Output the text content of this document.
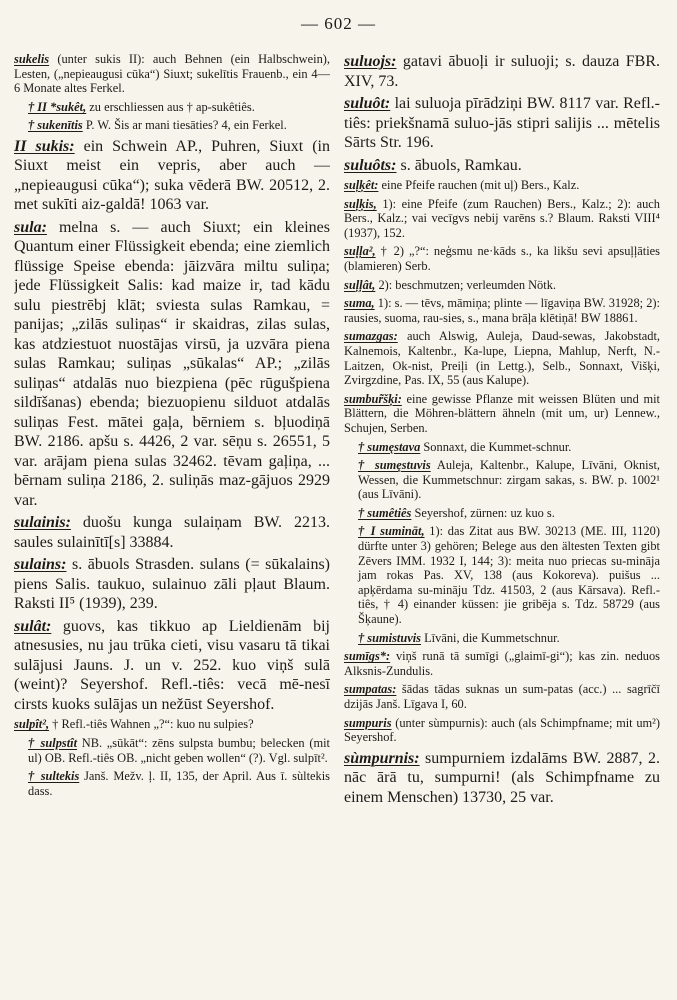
— 602 —

sukelis (unter sukis II): auch Behnen (ein Halbschwein), Lesten, („nepieaugusi cūka“) Siuxt; sukelītis Frauenb., ein 4—6 Monate altes Ferkel.

† II *sukêt, zu erschliessen aus † ap-sukêtiês.

† sukenītis P. W. Šis ar mani tiesāties? 4, ein Ferkel.

II sukis: ein Schwein AP., Puhren, Siuxt (in Siuxt meist ein vepris, aber auch — „nepieaugusi cūka“); suka vēderā BW. 20512, 2. met sukīti aiz-galdā! 1063 var.

sula: melna s. — auch Siuxt; ein kleines Quantum einer Flüssigkeit ebenda; eine ziemlich flüssige Speise ebenda: jāizvāra miltu suliņa; jede Flüssigkeit Salis: kad maize ir, tad kādu sulu piestrēbj klāt; sviesta sulas Ramkau, = panijas; „zilās suliņas“ ir skaidras, zilas sulas, kas atdziestuot nuostājas virsū, ja uzvāra piena sulas Ramkau; suliņas „sūkalas“ AP.; „zilās suliņas“ atdalās nuo biezpiena (pēc rūgušpiena sildīšanas) ebenda; biezuopienu silduot atdalās suliņas Fest. mātei gaļa, bērniem s. bļuodiņā BW. 2186. apšu s. 4426, 2 var. sēņu s. 26551, 5 var. arājam piena sulas 32462. tēvam gaļiņa, ... bērnam suliņa 2186, 2. suliņās maz-gājuos 2929 var.

sulainis: duošu kunga sulaiņam BW. 2213. saules sulainītī[s] 33884.

sulains: s. ābuols Strasden. sulans (= sūkalains) piens Salis. taukuo, sulainuo zāli pļaut Blaum. Raksti II⁵ (1939), 239.

sulât: guovs, kas tikkuo ap Lieldienām bij atnesusies, nu jau trūka cieti, visu vasaru tā tikai sulājusi Jauns. J. un v. 252. kuo viņš sulā (weint)? Seyershof. Refl.-tiês: vecā mē-nesī cirsts kuoks sulājas un nežūst Seyershof.

sulpît², † Refl.-tiês Wahnen „?“: kuo nu sulpies?

† sulpstît NB. „sūkāt“: zēns sulpsta bumbu; belecken (mit ul) OB. Refl.-tiês OB. „nicht geben wollen“ (?). Vgl. sulpīt².

† sultekis Janš. Mežv. ļ. II, 135, der April. Aus ī. sùltekis dass.

suluojs: gatavi ābuoļi ir suluoji; s. dauza FBR. XIV, 73.

suluôt: lai suluoja pīrādziņi BW. 8117 var. Refl.-tiês: priekšnamā suluo-jās stipri salijis ... mētelis Sārts Str. 196.

suluôts: s. ābuols, Ramkau.

suļķêt: eine Pfeife rauchen (mit uļ) Bers., Kalz.

suļķis, 1): eine Pfeife (zum Rauchen) Bers., Kalz.; 2): auch Bers., Kalz.; vai vecīgvs nebij varēns s.? Blaum. Raksti VIII⁴ (1937), 152.

suļļa², † 2) „?“: neģsmu ne·kāds s., ka likšu sevi apsuļļāties (blamieren) Serb.

suļļât, 2): beschmutzen; verleumden Nötk.

suma, 1): s. — tēvs, māmiņa; plinte — līgaviņa BW. 31928; 2): rausies, suoma, rau-sies, s., mana brāļa klētiņā! BW 18861.

sumazgas: auch Alswig, Auleja, Daud-sewas, Jakobstadt, Kalnemois, Kaltenbr., Ka-lupe, Liepna, Mahlup, Nerft, N.-Laitzen, Ok-nist, Preiļi (in Lettg.), Selb., Sonnaxt, Višķi, Zvirgzdine, Pas. IX, 55 (aus Kalupe).

sumbur̃šķi: eine gewisse Pflanze mit weissen Blüten und mit Blättern, die Möhren-blättern ähneln (mit um, ur) Lennew., Schujen, Serben.

† sumęstava Sonnaxt, die Kummet-schnur.

† sumęstuvis Auleja, Kaltenbr., Kalupe, Līvāni, Oknist, Wessen, die Kummetschnur: zirgam sakas, s. BW. p. 1002¹ (aus Līvāni).

† sumêtiês Seyershof, zürnen: uz kuo s.

† I sumināt, 1): das Zitat aus BW. 30213 (ME. III, 1120) dürfte unter 3) gehören; Belege aus den ältesten Texten gibt Zēvers IMM. 1932 I, 144; 3): meita nuo priecas su-mināja jam rokas Pas. XV, 138 (aus Kokoreva). puišus ... apķērdama su-mināju Tdz. 41503, 2 (aus Kārsava). Refl.-tiês, † 4) einander küssen: jie gribēja s. Tdz. 58729 (aus Šķaune).

† sumistuvis Līvāni, die Kummetschnur.

sumīgs*: viņš runā tā sumīgi („glaimī-gi“); kas zin. neduos Alksnis-Zundulis.

sumpatas: šādas tādas suknas un sum-patas (acc.) ... sagrīčī dzijās Janš. Līgava I, 60.

sumpuris (unter sùmpurnis): auch (als Schimpfname; mit um²) Seyershof.

sùmpurnis: sumpurniem izdalāms BW. 2887, 2. nāc ārā tu, sumpurni! (als Schimpfname zu einem Menschen) 13730, 25 var.
